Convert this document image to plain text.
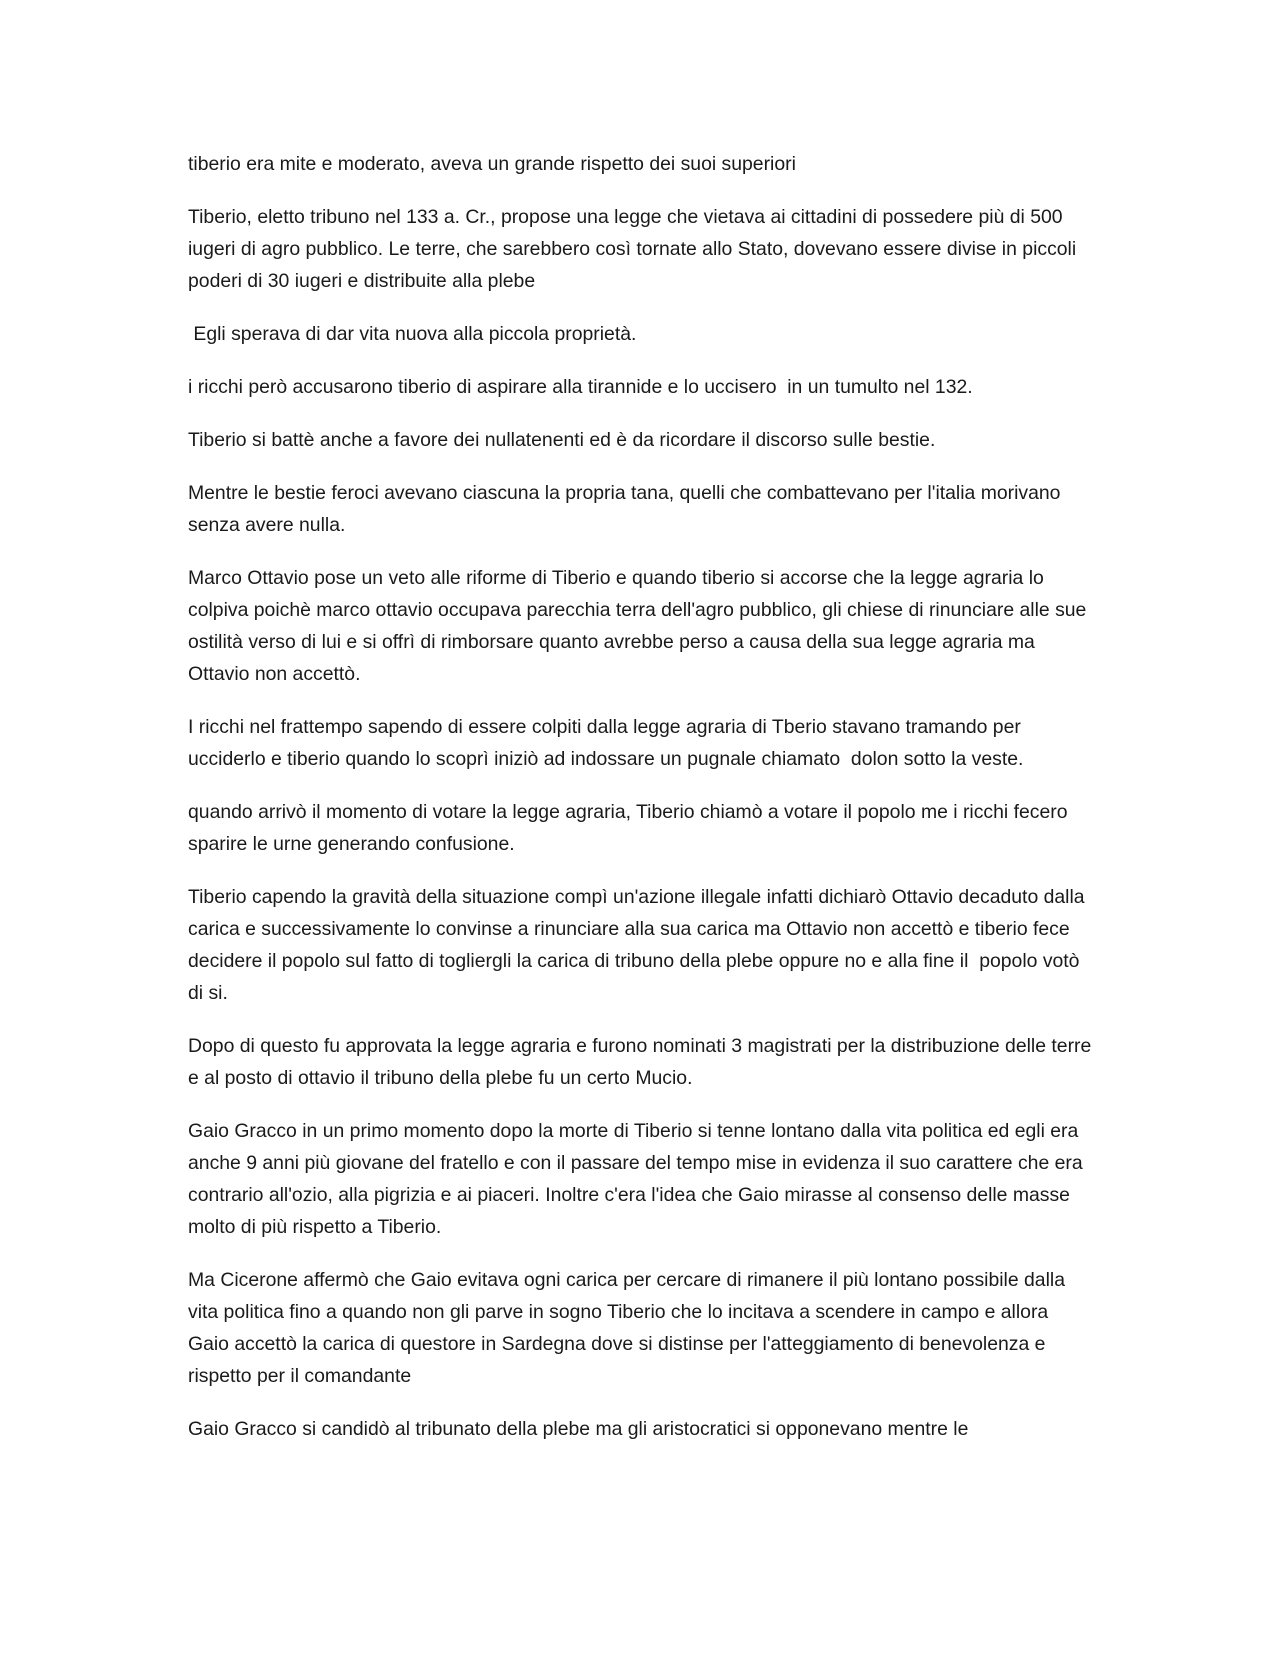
tiberio era mite e moderato, aveva un grande rispetto dei suoi superiori

Tiberio, eletto tribuno nel 133 a. Cr., propose una legge che vietava ai cittadini di possedere più di 500 iugeri di agro pubblico. Le terre, che sarebbero così tornate allo Stato, dovevano essere divise in piccoli poderi di 30 iugeri e distribuite alla plebe

Egli sperava di dar vita nuova alla piccola proprietà.

i ricchi però accusarono tiberio di aspirare alla tirannide e lo uccisero  in un tumulto nel 132.

Tiberio si battè anche a favore dei nullatenenti ed è da ricordare il discorso sulle bestie.

Mentre le bestie feroci avevano ciascuna la propria tana, quelli che combattevano per l'italia morivano senza avere nulla.

Marco Ottavio pose un veto alle riforme di Tiberio e quando tiberio si accorse che la legge agraria lo colpiva poichè marco ottavio occupava parecchia terra dell'agro pubblico, gli chiese di rinunciare alle sue ostilità verso di lui e si offrì di rimborsare quanto avrebbe perso a causa della sua legge agraria ma Ottavio non accettò.

I ricchi nel frattempo sapendo di essere colpiti dalla legge agraria di Tberio stavano tramando per ucciderlo e tiberio quando lo scoprì iniziò ad indossare un pugnale chiamato  dolon sotto la veste.

quando arrivò il momento di votare la legge agraria, Tiberio chiamò a votare il popolo me i ricchi fecero sparire le urne generando confusione.

Tiberio capendo la gravità della situazione compì un'azione illegale infatti dichiarò Ottavio decaduto dalla carica e successivamente lo convinse a rinunciare alla sua carica ma Ottavio non accettò e tiberio fece decidere il popolo sul fatto di togliergli la carica di tribuno della plebe oppure no e alla fine il  popolo votò di si.

Dopo di questo fu approvata la legge agraria e furono nominati 3 magistrati per la distribuzione delle terre e al posto di ottavio il tribuno della plebe fu un certo Mucio.

Gaio Gracco in un primo momento dopo la morte di Tiberio si tenne lontano dalla vita politica ed egli era anche 9 anni più giovane del fratello e con il passare del tempo mise in evidenza il suo carattere che era contrario all'ozio, alla pigrizia e ai piaceri. Inoltre c'era l'idea che Gaio mirasse al consenso delle masse molto di più rispetto a Tiberio.

Ma Cicerone affermò che Gaio evitava ogni carica per cercare di rimanere il più lontano possibile dalla vita politica fino a quando non gli parve in sogno Tiberio che lo incitava a scendere in campo e allora Gaio accettò la carica di questore in Sardegna dove si distinse per l'atteggiamento di benevolenza e rispetto per il comandante

Gaio Gracco si candidò al tribunato della plebe ma gli aristocratici si opponevano mentre le
